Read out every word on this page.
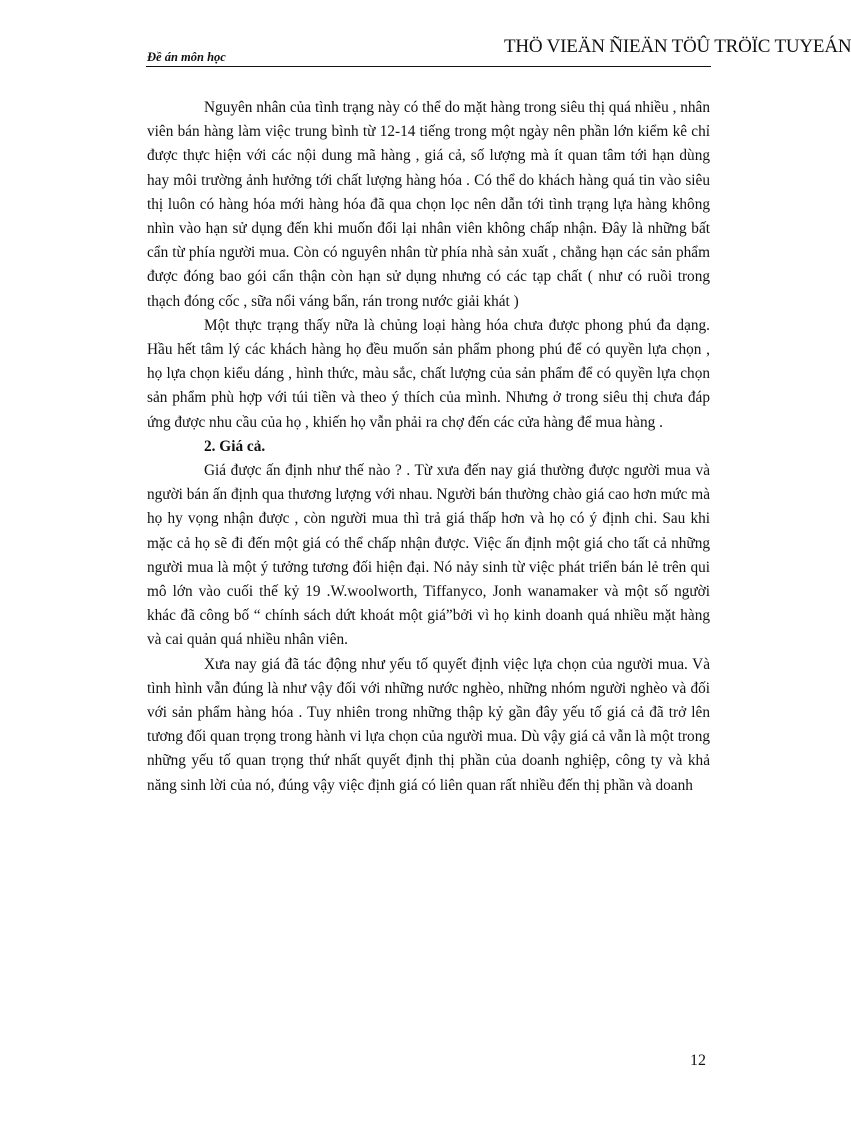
Đề án môn học	THÖ VIEÄN ÑIEÄN TÖÛ TRÖÏC TUYEÁN

Nguyên nhân của tình trạng này có thể do mặt hàng trong siêu thị quá nhiều , nhân viên bán hàng làm việc trung bình từ 12-14 tiếng trong một ngày nên phần lớn kiểm kê chỉ được thực hiện với các nội dung mã hàng , giá cả, số lượng mà ít quan tâm tới hạn dùng hay môi trường ảnh hưởng tới chất lượng hàng hóa . Có thể do khách hàng quá tin vào siêu thị luôn có hàng hóa mới hàng hóa đã qua chọn lọc nên dẫn tới tình trạng lựa hàng không nhìn vào hạn sử dụng đến khi muốn đổi lại nhân viên không chấp nhận. Đây là những bất cẩn từ phía người mua. Còn có nguyên nhân từ phía nhà sản xuất , chẳng hạn các sản phẩm được đóng bao gói cẩn thận còn hạn sử dụng nhưng có các tạp chất ( như có ruồi trong thạch đóng cốc , sữa nổi váng bẩn, rán trong nước giải khát )

Một thực trạng thấy nữa là chủng loại hàng hóa chưa được phong phú đa dạng. Hầu hết tâm lý các khách hàng họ đều muốn sản phẩm phong phú để có quyền lựa chọn , họ lựa chọn kiểu dáng , hình thức, màu sắc, chất lượng của sản phẩm để có quyền lựa chọn sản phẩm phù hợp với túi tiền và theo ý thích của mình. Nhưng ở trong siêu thị chưa đáp ứng được nhu cầu của họ , khiến họ vẫn phải ra chợ đến các cửa hàng để mua hàng .

2. Giá cả.

Giá được ấn định như thế nào ? . Từ xưa đến nay giá thường được người mua và người bán ấn định qua thương lượng với nhau. Người bán thường chào giá cao hơn mức mà họ hy vọng nhận được , còn người mua thì trả giá thấp hơn và họ có ý định chi. Sau khi mặc cả họ sẽ đi đến một giá có thể chấp nhận được. Việc ấn định một giá cho tất cả những người mua là một ý tưởng tương đối hiện đại. Nó nảy sinh từ việc phát triển bán lẻ trên qui mô lớn vào cuối thế kỷ 19 .W.woolworth, Tiffanyco, Jonh wanamaker và một số người khác đã công bố “ chính sách dứt khoát một giá”bởi vì họ kinh doanh quá nhiều mặt hàng và cai quản quá nhiều nhân viên.

Xưa nay giá đã tác động như yếu tố quyết định việc lựa chọn của người mua. Và tình hình vẫn đúng là như vậy đối với những nước nghèo, những nhóm người nghèo và đối với sản phẩm hàng hóa . Tuy nhiên trong những thập kỷ gần đây yếu tố giá cả đã trở lên tương đối quan trọng trong hành vi lựa chọn của người mua. Dù vậy giá cả vẫn là một trong những yếu tố quan trọng thứ nhất quyết định thị phần của doanh nghiệp, công ty và khả năng sinh lời của nó, đúng vậy việc định giá có liên quan rất nhiều đến thị phần và doanh

12
